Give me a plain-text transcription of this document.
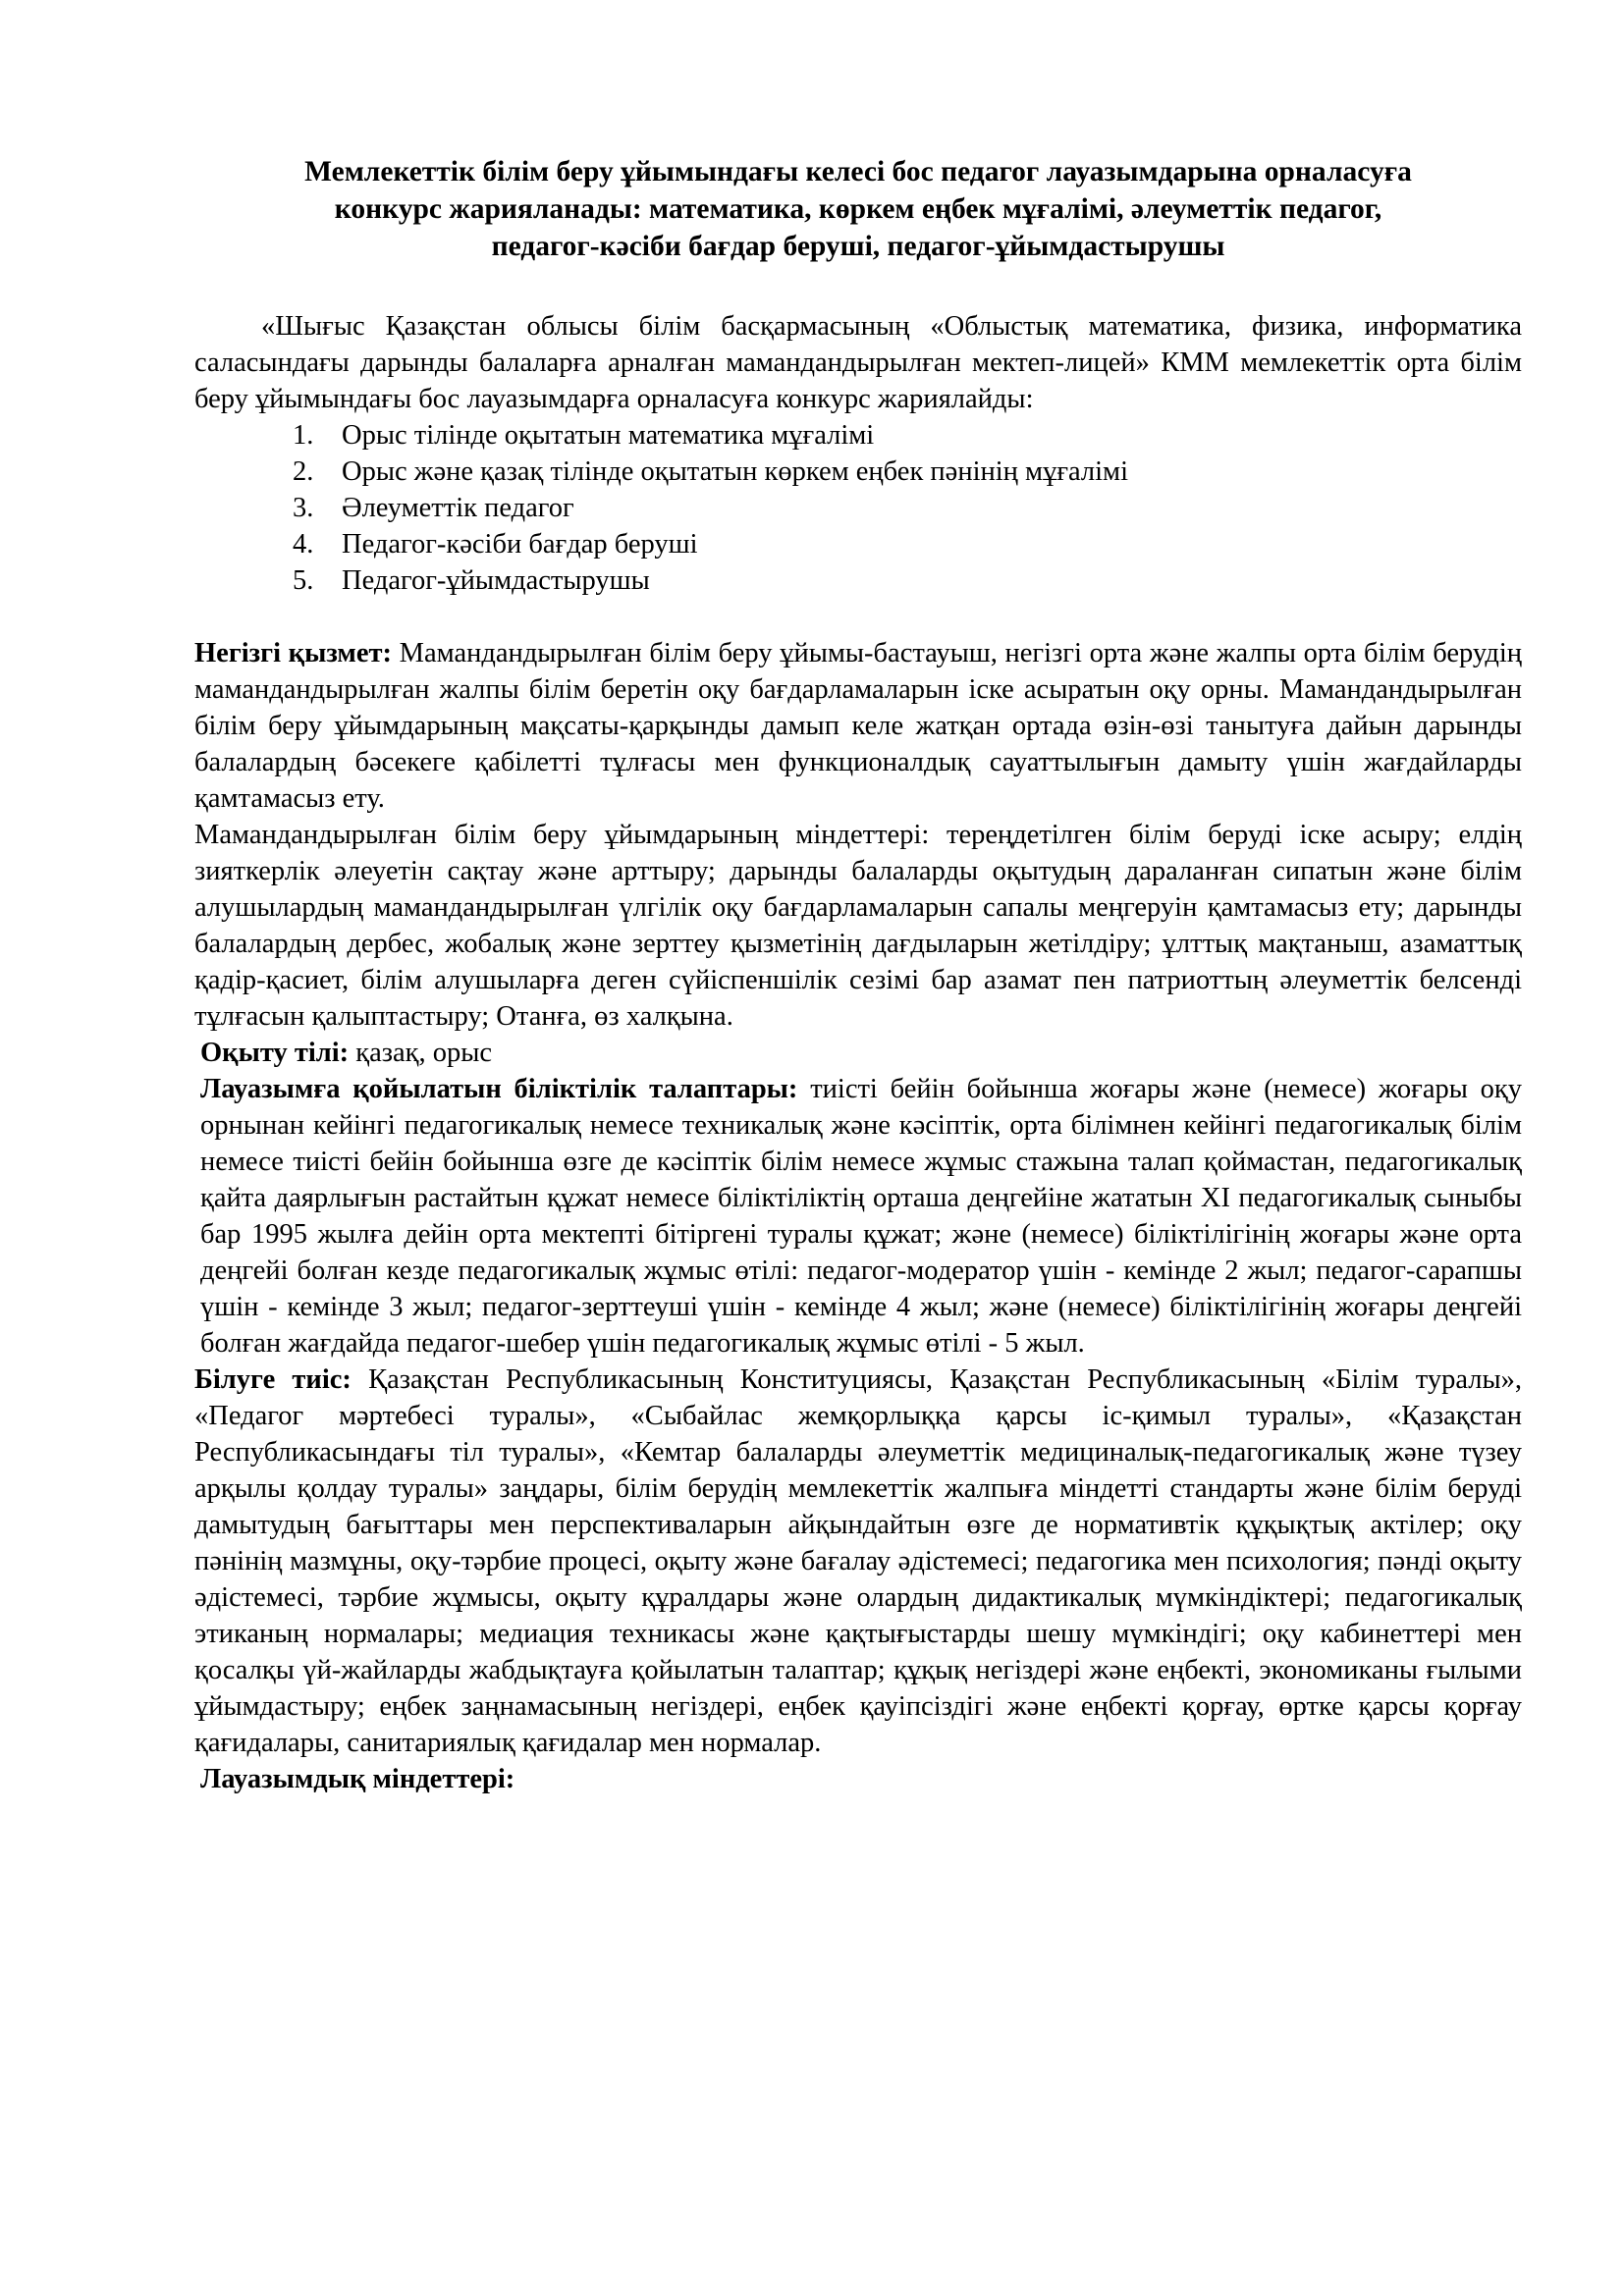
Мемлекеттік білім беру ұйымындағы келесі бос педагог лауазымдарына орналасуға
конкурс жарияланады: математика, көркем еңбек мұғалімі, әлеуметтік педагог,
педагог-кәсіби бағдар беруші, педагог-ұйымдастырушы
«Шығыс Қазақстан облысы білім басқармасының «Облыстық математика, физика, информатика саласындағы дарынды балаларға арналған мамандандырылған мектеп-лицей» КММ мемлекеттік орта білім беру ұйымындағы бос лауазымдарға орналасуға конкурс жариялайды:
1. Орыс тілінде оқытатын математика мұғалімі
2. Орыс және қазақ тілінде оқытатын көркем еңбек пәнінің мұғалімі
3. Әлеуметтік педагог
4. Педагог-кәсіби бағдар беруші
5. Педагог-ұйымдастырушы
Негізгі қызмет: Мамандандырылған білім беру ұйымы-бастауыш, негізгі орта және жалпы орта білім берудің мамандандырылған жалпы білім беретін оқу бағдарламаларын іске асыратын оқу орны. Мамандандырылған білім беру ұйымдарының мақсаты-қарқынды дамып келе жатқан ортада өзін-өзі танытуға дайын дарынды балалардың бәсекеге қабілетті тұлғасы мен функционалдық сауаттылығын дамыту үшін жағдайларды қамтамасыз ету.
Мамандандырылған білім беру ұйымдарының міндеттері: тереңдетілген білім беруді іске асыру; елдің зияткерлік әлеуетін сақтау және арттыру; дарынды балаларды оқытудың дараланған сипатын және білім алушылардың мамандандырылған үлгілік оқу бағдарламаларын сапалы меңгеруін қамтамасыз ету; дарынды балалардың дербес, жобалық және зерттеу қызметінің дағдыларын жетілдіру; ұлттық мақтаныш, азаматтық қадір-қасиет, білім алушыларға деген сүйіспеншілік сезімі бар азамат пен патриоттың әлеуметтік белсенді тұлғасын қалыптастыру; Отанға, өз халқына.
Оқыту тілі: қазақ, орыс
Лауазымға қойылатын біліктілік талаптары: тиісті бейін бойынша жоғары және (немесе) жоғары оқу орнынан кейінгі педагогикалық немесе техникалық және кәсіптік, орта білімнен кейінгі педагогикалық білім немесе тиісті бейін бойынша өзге де кәсіптік білім немесе жұмыс стажына талап қоймастан, педагогикалық қайта даярлығын растайтын құжат немесе біліктіліктің орташа деңгейіне жататын XI педагогикалық сыныбы бар 1995 жылға дейін орта мектепті бітіргені туралы құжат; және (немесе) біліктілігінің жоғары және орта деңгейі болған кезде педагогикалық жұмыс өтілі: педагог-модератор үшін - кемінде 2 жыл; педагог-сарапшы үшін - кемінде 3 жыл; педагог-зерттеуші үшін - кемінде 4 жыл; және (немесе) біліктілігінің жоғары деңгейі болған жағдайда педагог-шебер үшін педагогикалық жұмыс өтілі - 5 жыл.
Білуге тиіс: Қазақстан Республикасының Конституциясы, Қазақстан Республикасының «Білім туралы», «Педагог мәртебесі туралы», «Сыбайлас жемқорлыққа қарсы іс-қимыл туралы», «Қазақстан Республикасындағы тіл туралы», «Кемтар балаларды әлеуметтік медициналық-педагогикалық және түзеу арқылы қолдау туралы» заңдары, білім берудің мемлекеттік жалпыға міндетті стандарты және білім беруді дамытудың бағыттары мен перспективаларын айқындайтын өзге де нормативтік құқықтық актілер; оқу пәнінің мазмұны, оқу-тәрбие процесі, оқыту және бағалау әдістемесі; педагогика мен психология; пәнді оқыту әдістемесі, тәрбие жұмысы, оқыту құралдары және олардың дидактикалық мүмкіндіктері; педагогикалық этиканың нормалары; медиация техникасы және қақтығыстарды шешу мүмкіндігі; оқу кабинеттері мен қосалқы үй-жайларды жабдықтауға қойылатын талаптар; құқық негіздері және еңбекті, экономиканы ғылыми ұйымдастыру; еңбек заңнамасының негіздері, еңбек қауіпсіздігі және еңбекті қорғау, өртке қарсы қорғау қағидалары, санитариялық қағидалар мен нормалар.
Лауазымдық міндеттері:
